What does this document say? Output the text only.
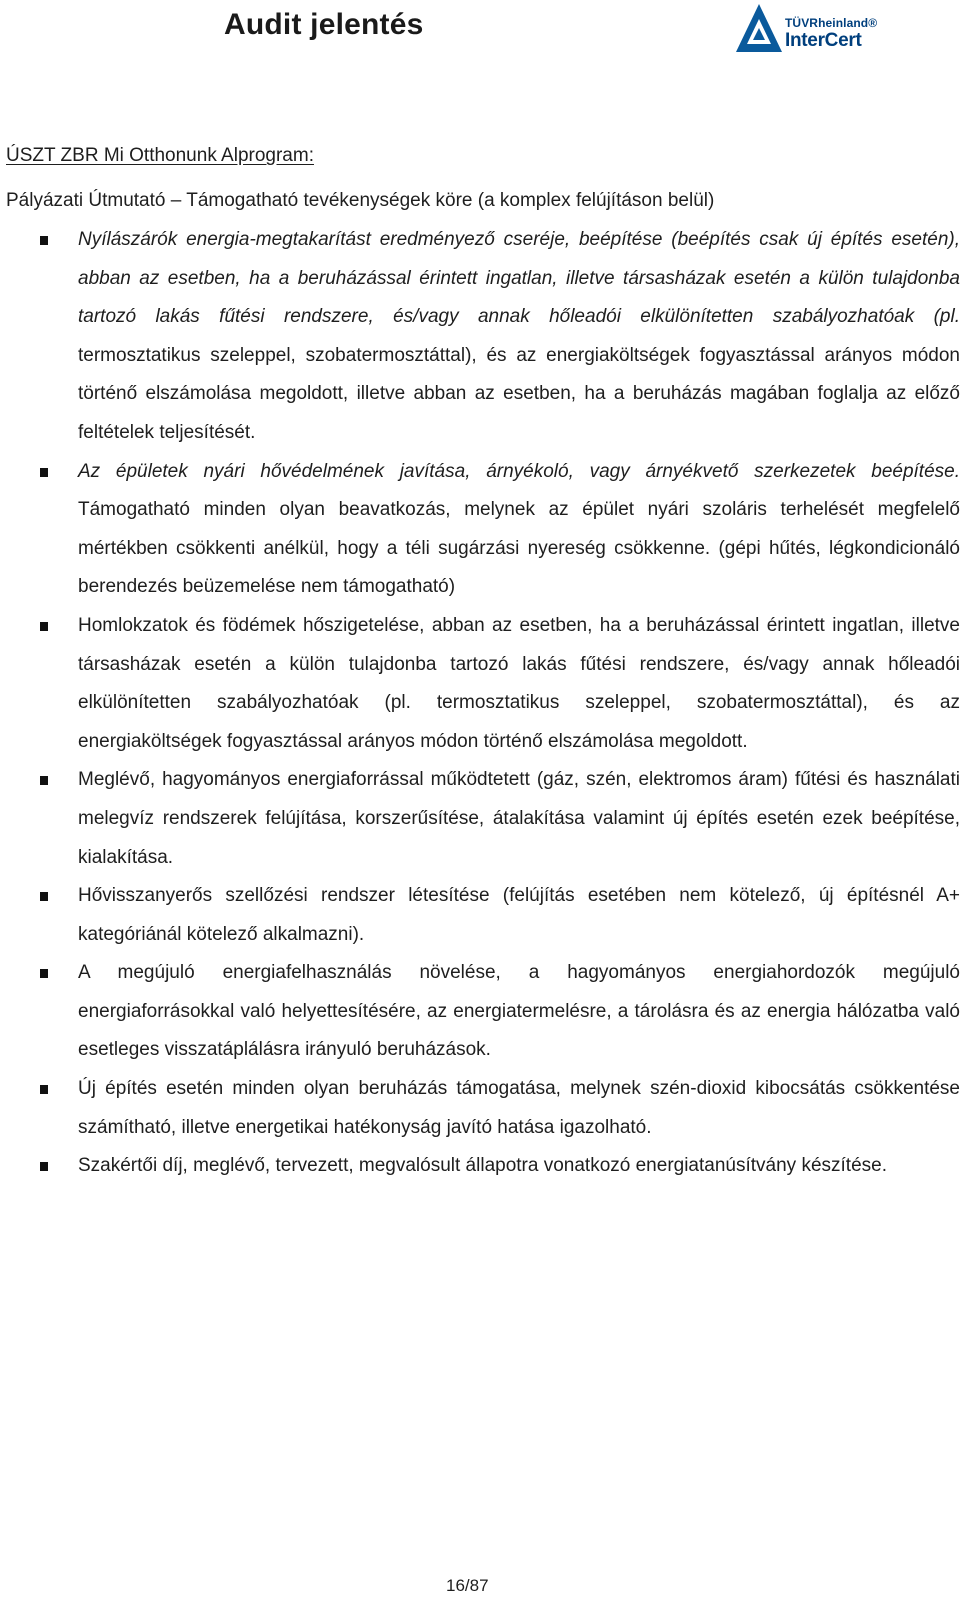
Audit jelentés	TÜVRheinland®
InterCert
ÚSZT ZBR Mi Otthonunk Alprogram:
Pályázati Útmutató – Támogatható tevékenységek köre (a komplex felújításon belül)
Nyílászárók energia-megtakarítást eredményező cseréje, beépítése (beépítés csak új építés esetén), abban az esetben, ha a beruházással érintett ingatlan, illetve társasházak esetén a külön tulajdonba tartozó lakás fűtési rendszere, és/vagy annak hőleadói elkülönítetten szabályozhatóak (pl. termosztatikus szeleppel, szobatermosztáttal), és az energiaköltségek fogyasztással arányos módon történő elszámolása megoldott, illetve abban az esetben, ha a beruházás magában foglalja az előző feltételek teljesítését.
Az épületek nyári hővédelmének javítása, árnyékoló, vagy árnyékvető szerkezetek beépítése. Támogatható minden olyan beavatkozás, melynek az épület nyári szoláris terhelését megfelelő mértékben csökkenti anélkül, hogy a téli sugárzási nyereség csökkenne. (gépi hűtés, légkondicionáló berendezés beüzemelése nem támogatható)
Homlokzatok és födémek hőszigetelése, abban az esetben, ha a beruházással érintett ingatlan, illetve társasházak esetén a külön tulajdonba tartozó lakás fűtési rendszere, és/vagy annak hőleadói elkülönítetten szabályozhatóak (pl. termosztatikus szeleppel, szobatermosztáttal), és az energiaköltségek fogyasztással arányos módon történő elszámolása megoldott.
Meglévő, hagyományos energiaforrással működtetett (gáz, szén, elektromos áram) fűtési és használati melegvíz rendszerek felújítása, korszerűsítése, átalakítása valamint új építés esetén ezek beépítése, kialakítása.
Hővisszanyerős szellőzési rendszer létesítése (felújítás esetében nem kötelező, új építésnél A+ kategóriánál kötelező alkalmazni).
A megújuló energiafelhasználás növelése, a hagyományos energiahordozók megújuló energiaforrásokkal való helyettesítésére, az energiatermelésre, a tárolásra és az energia hálózatba való esetleges visszatáplálásra irányuló beruházások.
Új építés esetén minden olyan beruházás támogatása, melynek szén-dioxid kibocsátás csökkentése számítható, illetve energetikai hatékonyság javító hatása igazolható.
Szakértői díj, meglévő, tervezett, megvalósult állapotra vonatkozó energiatanúsítvány készítése.
16/87
